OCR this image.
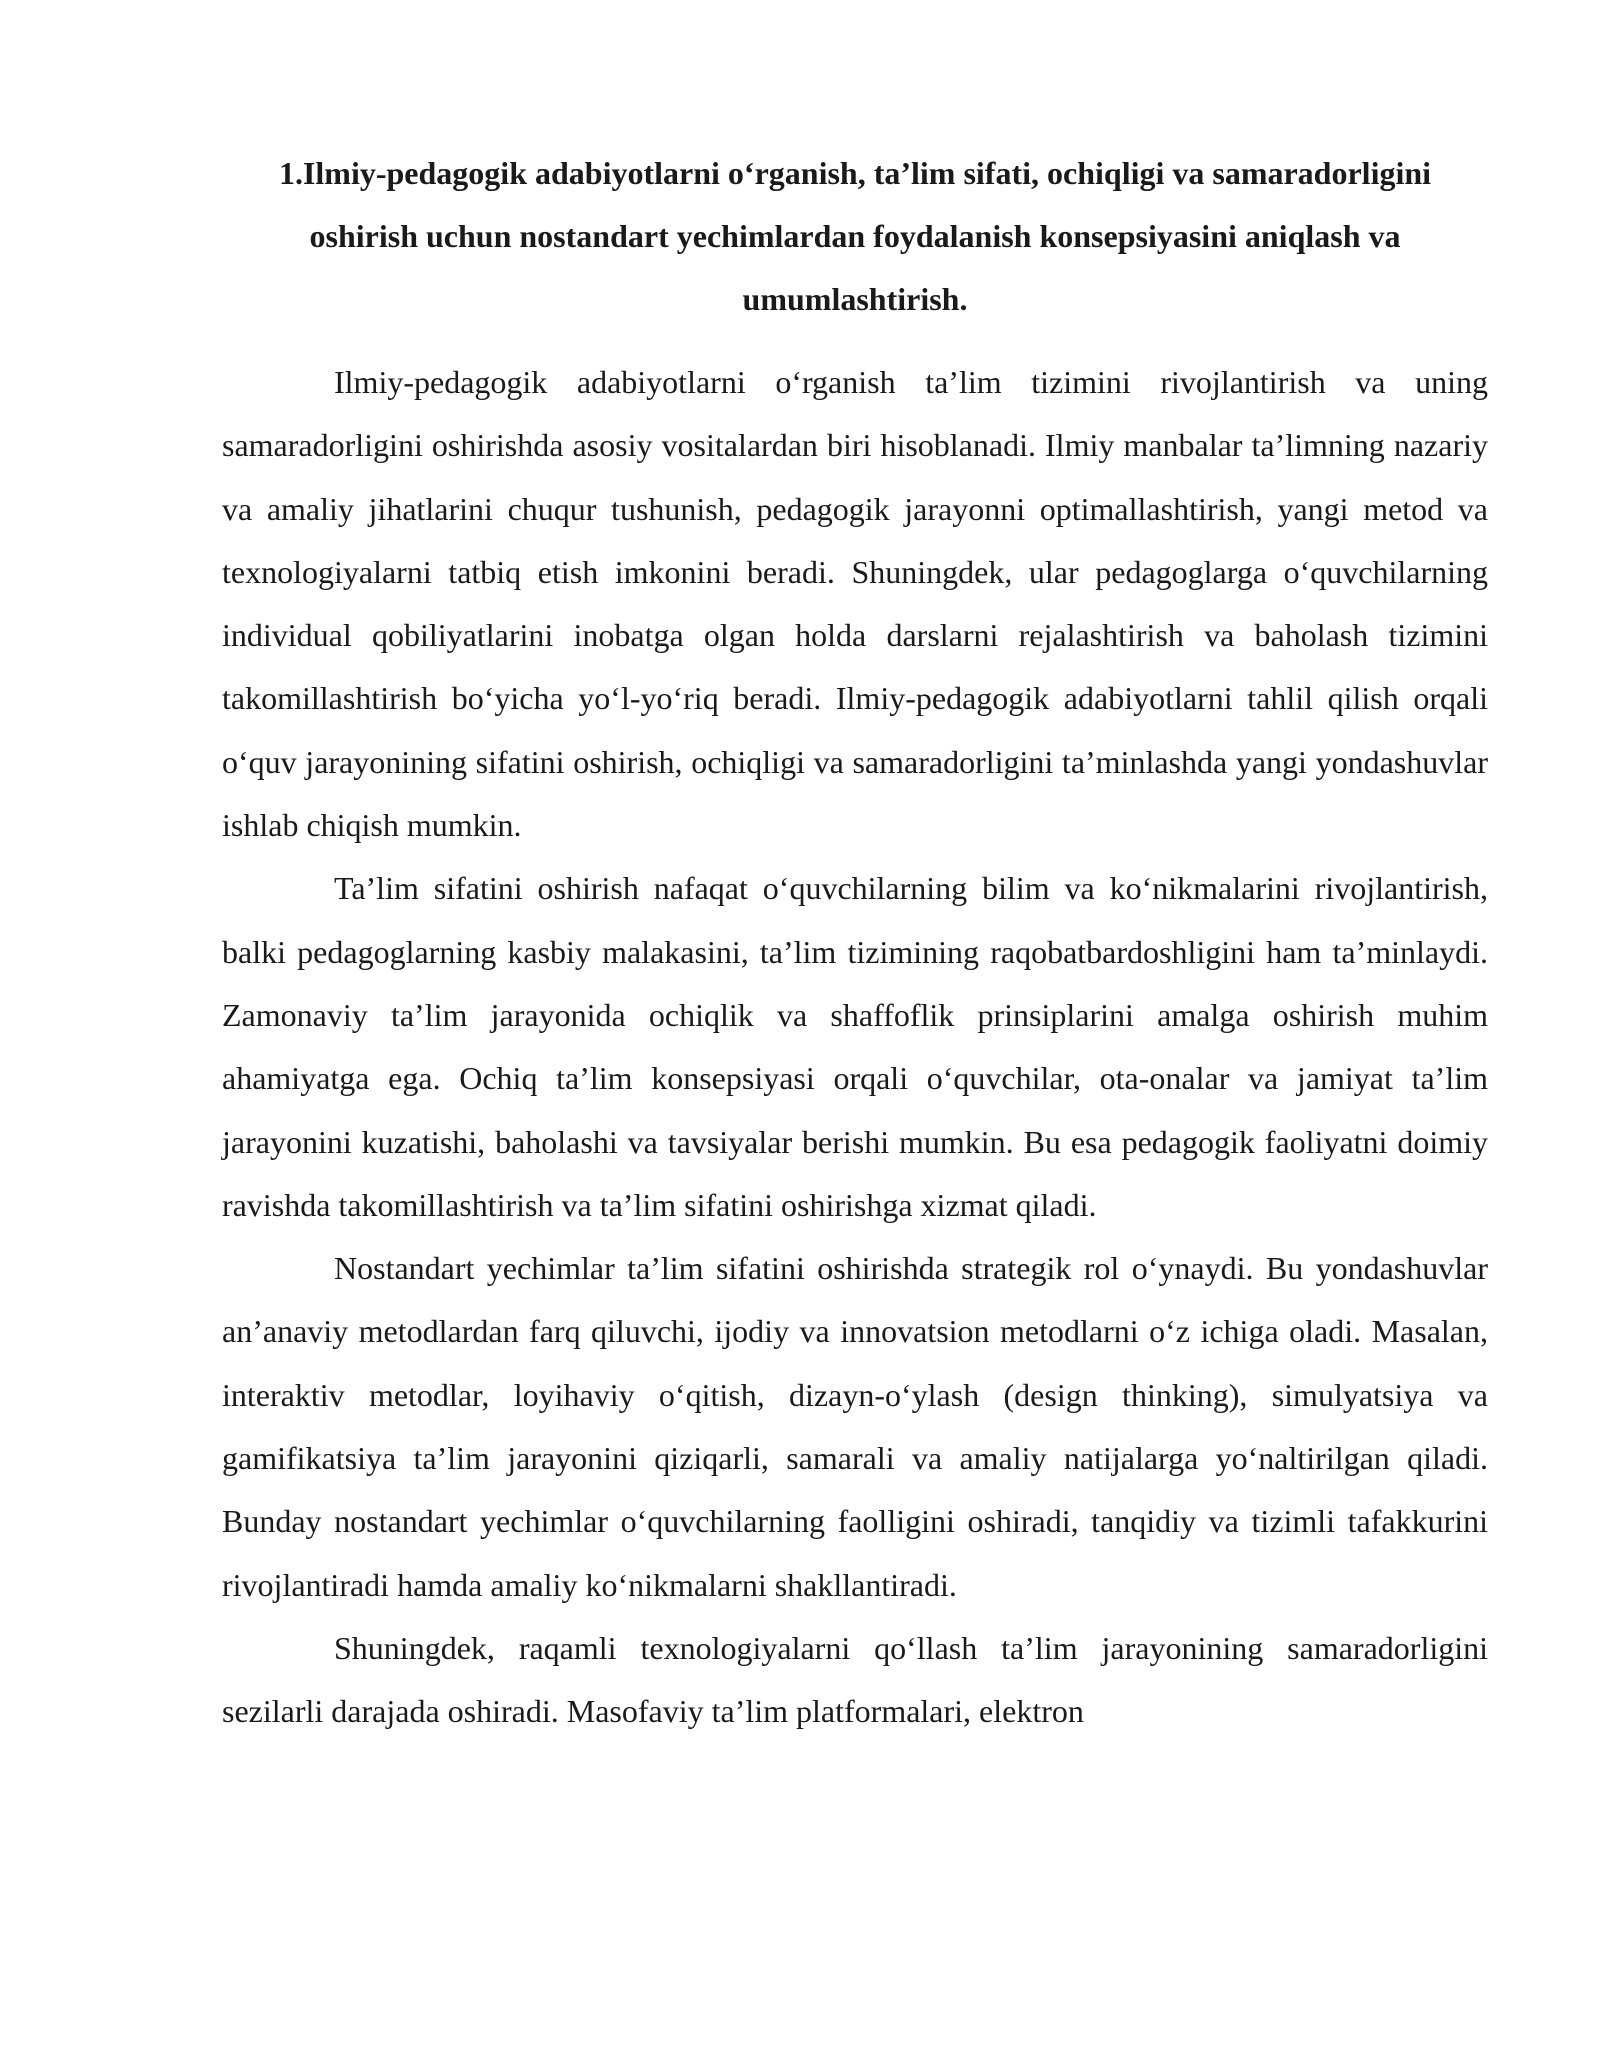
1.Ilmiy-pedagogik adabiyotlarni o‘rganish, ta’lim sifati, ochiqligi va samaradorligini oshirish uchun nostandart yechimlardan foydalanish konsepsiyasini aniqlash va umumlashtirish.

Ilmiy-pedagogik adabiyotlarni o‘rganish ta’lim tizimini rivojlantirish va uning samaradorligini oshirishda asosiy vositalardan biri hisoblanadi. Ilmiy manbalar ta’limning nazariy va amaliy jihatlarini chuqur tushunish, pedagogik jarayonni optimallashtirish, yangi metod va texnologiyalarni tatbiq etish imkonini beradi. Shuningdek, ular pedagoglarga o‘quvchilarning individual qobiliyatlarini inobatga olgan holda darslarni rejalashtirish va baholash tizimini takomillashtirish bo‘yicha yo‘l-yo‘riq beradi. Ilmiy-pedagogik adabiyotlarni tahlil qilish orqali o‘quv jarayonining sifatini oshirish, ochiqligi va samaradorligini ta’minlashda yangi yondashuvlar ishlab chiqish mumkin.

Ta’lim sifatini oshirish nafaqat o‘quvchilarning bilim va ko‘nikmalarini rivojlantirish, balki pedagoglarning kasbiy malakasini, ta’lim tizimining raqobatbardoshligini ham ta’minlaydi. Zamonaviy ta’lim jarayonida ochiqlik va shaffoflik prinsiplarini amalga oshirish muhim ahamiyatga ega. Ochiq ta’lim konsepsiyasi orqali o‘quvchilar, ota-onalar va jamiyat ta’lim jarayonini kuzatishi, baholashi va tavsiyalar berishi mumkin. Bu esa pedagogik faoliyatni doimiy ravishda takomillashtirish va ta’lim sifatini oshirishga xizmat qiladi.

Nostandart yechimlar ta’lim sifatini oshirishda strategik rol o‘ynaydi. Bu yondashuvlar an’anaviy metodlardan farq qiluvchi, ijodiy va innovatsion metodlarni o‘z ichiga oladi. Masalan, interaktiv metodlar, loyihaviy o‘qitish, dizayn-o‘ylash (design thinking), simulyatsiya va gamifikatsiya ta’lim jarayonini qiziqarli, samarali va amaliy natijalarga yo‘naltirilgan qiladi. Bunday nostandart yechimlar o‘quvchilarning faolligini oshiradi, tanqidiy va tizimli tafakkurini rivojlantiradi hamda amaliy ko‘nikmalarni shakllantiradi.

Shuningdek, raqamli texnologiyalarni qo‘llash ta’lim jarayonining samaradorligini sezilarli darajada oshiradi. Masofaviy ta’lim platformalari, elektron
